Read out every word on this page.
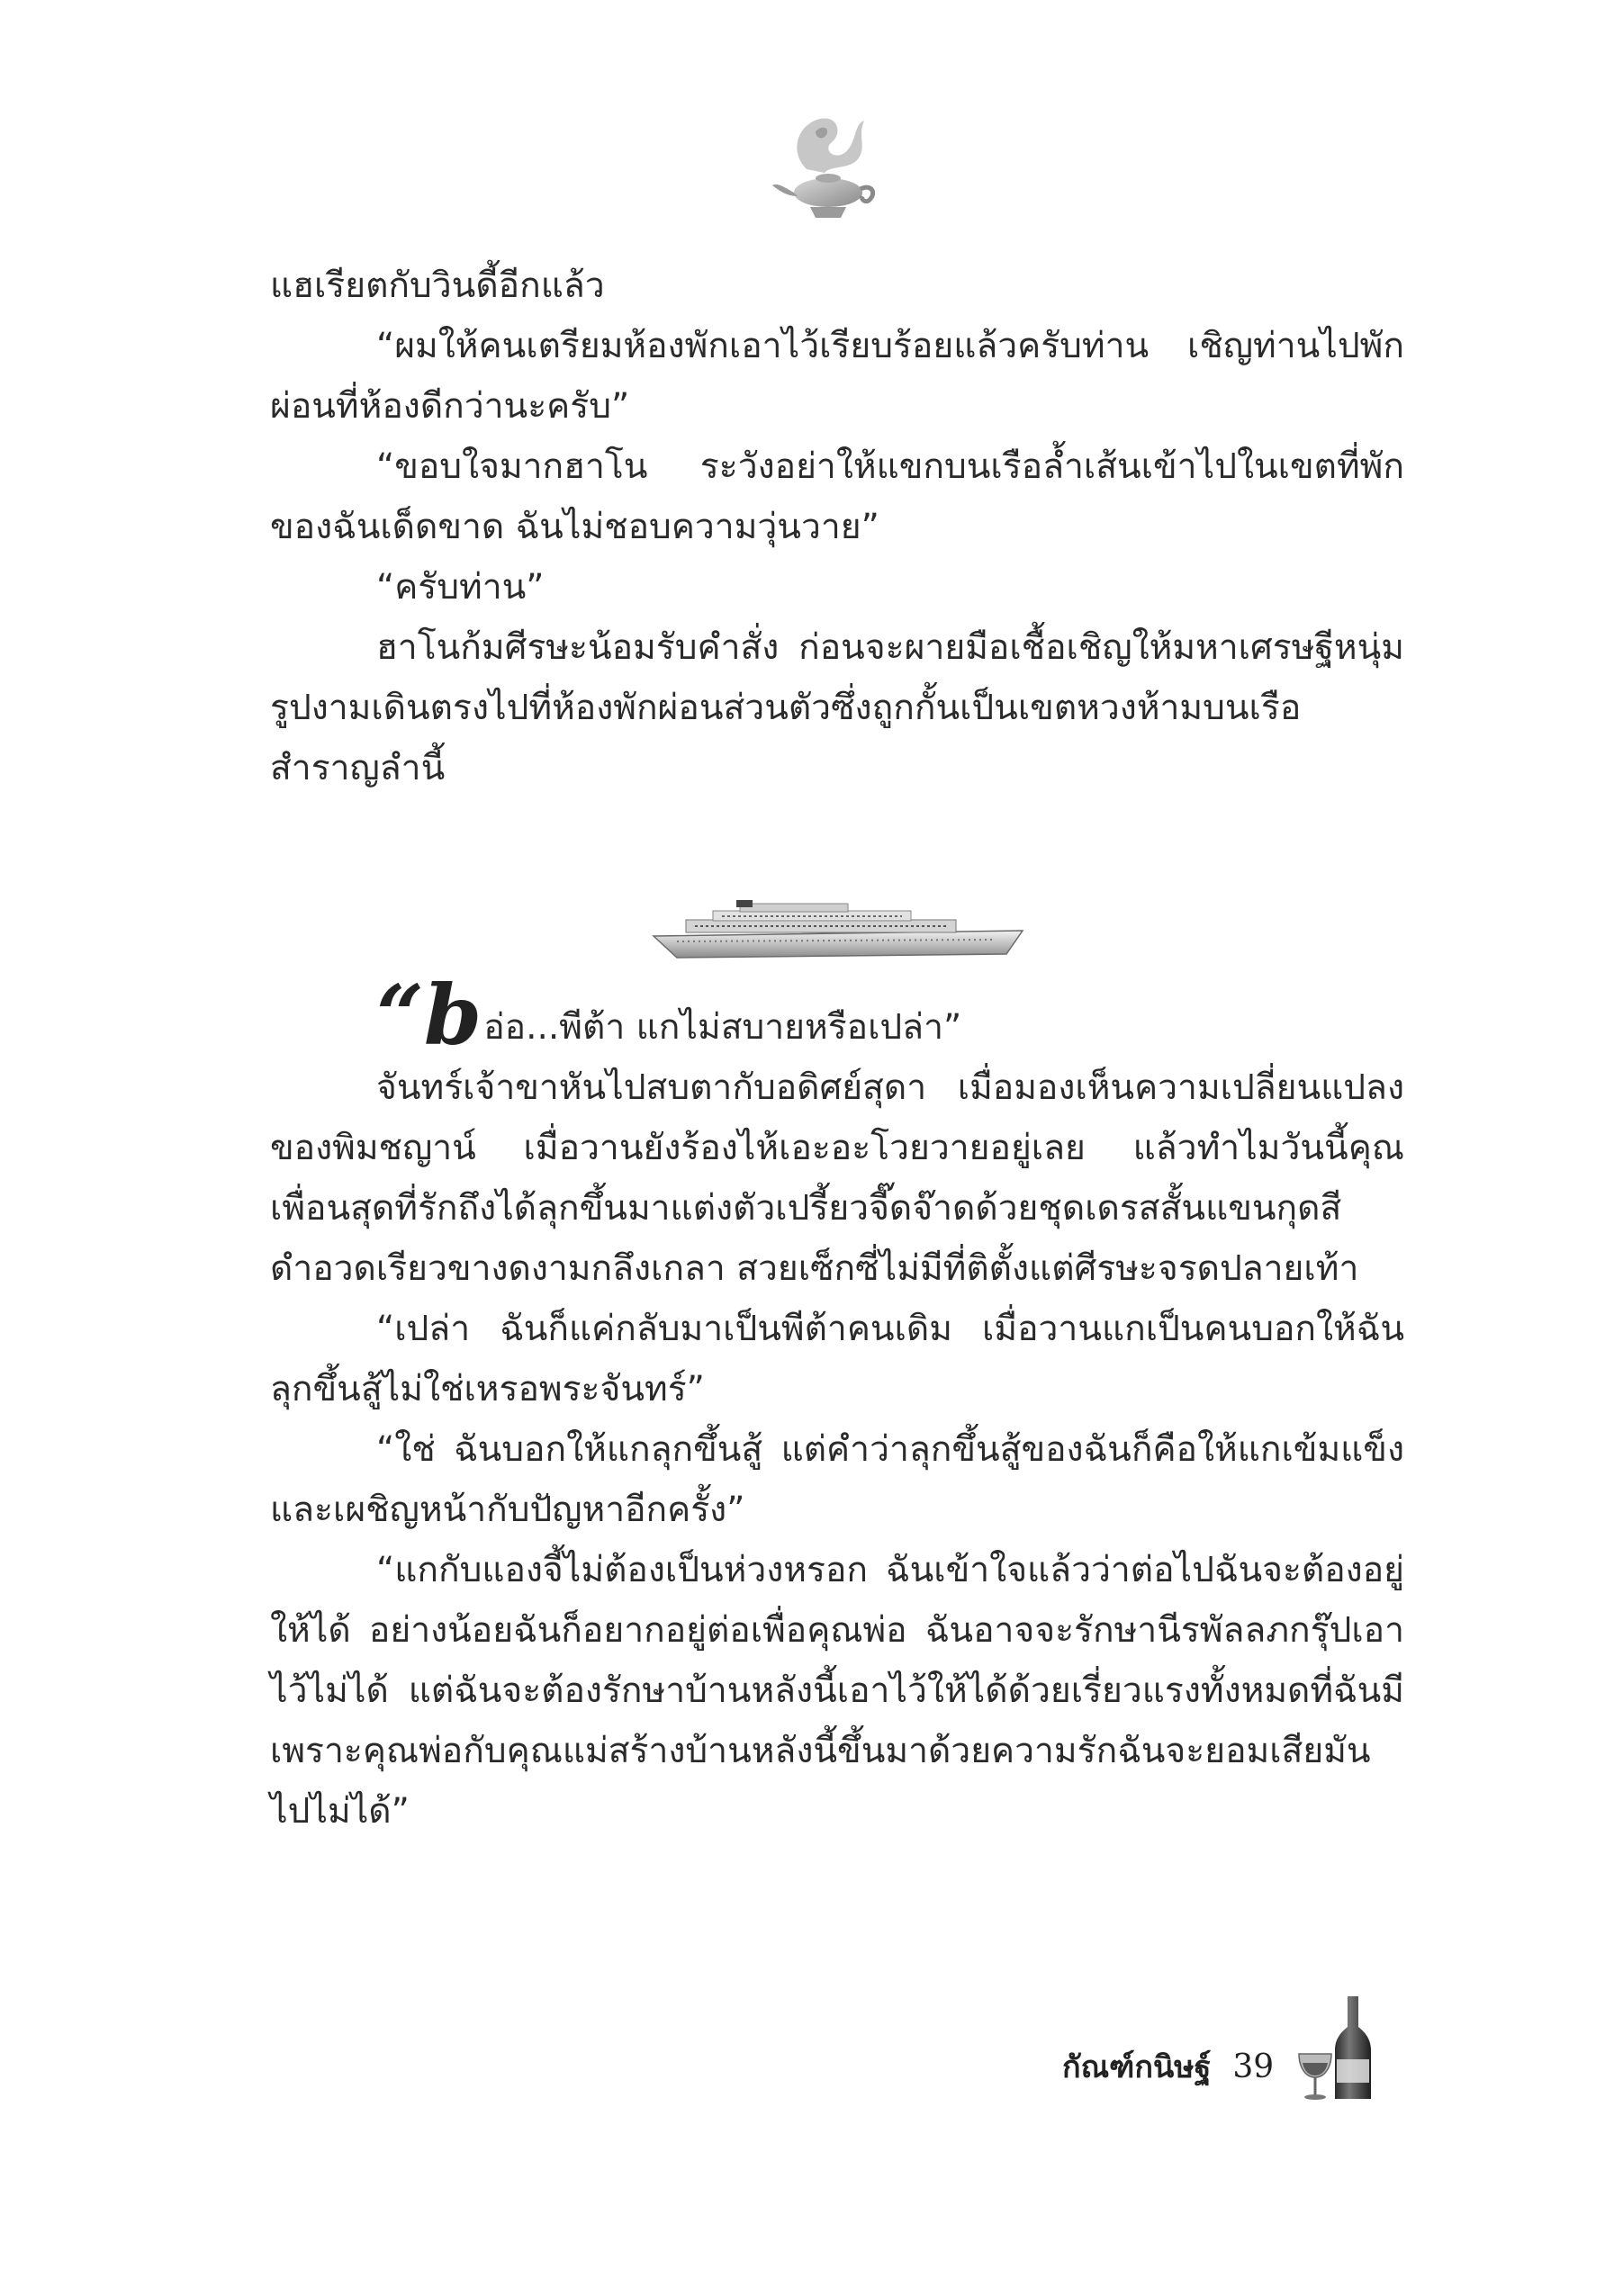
แฮเรียตกับวินดี้อีกแล้ว

“ผมให้คนเตรียมห้องพักเอาไว้เรียบร้อยแล้วครับท่าน เชิญท่านไปพักผ่อนที่ห้องดีกว่านะครับ”

“ขอบใจมากฮาโน ระวังอย่าให้แขกบนเรือล้ำเส้นเข้าไปในเขตที่พักของฉันเด็ดขาด ฉันไม่ชอบความวุ่นวาย”

“ครับท่าน”

ฮาโนก้มศีรษะน้อมรับคำสั่ง ก่อนจะผายมือเชื้อเชิญให้มหาเศรษฐีหนุ่มรูปงามเดินตรงไปที่ห้องพักผ่อนส่วนตัวซึ่งถูกกั้นเป็นเขตหวงห้ามบนเรือสำราญลำนี้

“bอ่อ...พีต้า แกไม่สบายหรือเปล่า”

จันทร์เจ้าขาหันไปสบตากับอดิศย์สุดา เมื่อมองเห็นความเปลี่ยนแปลงของพิมชญาน์ เมื่อวานยังร้องไห้เอะอะโวยวายอยู่เลย แล้วทำไมวันนี้คุณเพื่อนสุดที่รักถึงได้ลุกขึ้นมาแต่งตัวเปรี้ยวจี๊ดจ๊าดด้วยชุดเดรสสั้นแขนกุดสีดำอวดเรียวขางดงามกลึงเกลา สวยเซ็กซี่ไม่มีที่ติตั้งแต่ศีรษะจรดปลายเท้า

“เปล่า ฉันก็แค่กลับมาเป็นพีต้าคนเดิม เมื่อวานแกเป็นคนบอกให้ฉันลุกขึ้นสู้ไม่ใช่เหรอพระจันทร์”

“ใช่ ฉันบอกให้แกลุกขึ้นสู้ แต่คำว่าลุกขึ้นสู้ของฉันก็คือให้แกเข้มแข็งและเผชิญหน้ากับปัญหาอีกครั้ง”

“แกกับแองจี้ไม่ต้องเป็นห่วงหรอก ฉันเข้าใจแล้วว่าต่อไปฉันจะต้องอยู่ให้ได้ อย่างน้อยฉันก็อยากอยู่ต่อเพื่อคุณพ่อ ฉันอาจจะรักษานีรพัลลภกรุ๊ปเอาไว้ไม่ได้ แต่ฉันจะต้องรักษาบ้านหลังนี้เอาไว้ให้ได้ด้วยเรี่ยวแรงทั้งหมดที่ฉันมี เพราะคุณพ่อกับคุณแม่สร้างบ้านหลังนี้ขึ้นมาด้วยความรักฉันจะยอมเสียมันไปไม่ได้”

กัณฑ์กนิษฐ์ 39
